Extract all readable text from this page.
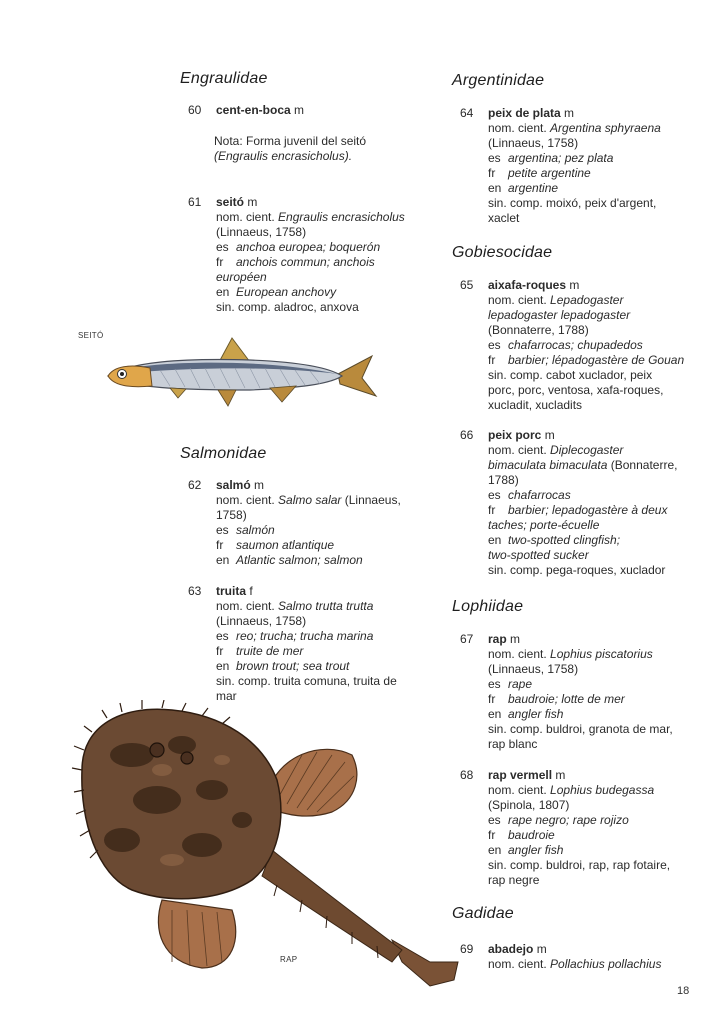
Engraulidae
60	cent-en-boca m
Nota: Forma juvenil del seitó
(Engraulis encrasicholus).
61	seitó m
nom. cient. Engraulis encrasicholus
(Linnaeus, 1758)
es anchoa europea; boquerón
fr anchois commun; anchois
européen
en European anchovy
sin. comp. aladroc, anxova
SEITÓ
Salmonidae
62	salmó m
nom. cient. Salmo salar (Linnaeus,
1758)
es salmón
fr saumon atlantique
en Atlantic salmon; salmon
63	truita f
nom. cient. Salmo trutta trutta
(Linnaeus, 1758)
es reo; trucha; trucha marina
fr truite de mer
en brown trout; sea trout
sin. comp. truita comuna, truita de
mar
RAP
Argentinidae
64	peix de plata m
nom. cient. Argentina sphyraena
(Linnaeus, 1758)
es argentina; pez plata
fr petite argentine
en argentine
sin. comp. moixó, peix d'argent,
xaclet
Gobiesocidae
65	aixafa-roques m
nom. cient. Lepadogaster
lepadogaster lepadogaster
(Bonnaterre, 1788)
es chafarrocas; chupadedos
fr barbier; lépadogastère de Gouan
sin. comp. cabot xuclador, peix
porc, porc, ventosa, xafa-roques,
xucladit, xucladits
66	peix porc m
nom. cient. Diplecogaster
bimaculata bimaculata (Bonnaterre,
1788)
es chafarrocas
fr barbier; lepadogastère à deux
taches; porte-écuelle
en two-spotted clingfish;
two-spotted sucker
sin. comp. pega-roques, xuclador
Lophiidae
67	rap m
nom. cient. Lophius piscatorius
(Linnaeus, 1758)
es rape
fr baudroie; lotte de mer
en angler fish
sin. comp. buldroi, granota de mar,
rap blanc
68	rap vermell m
nom. cient. Lophius budegassa
(Spinola, 1807)
es rape negro; rape rojizo
fr baudroie
en angler fish
sin. comp. buldroi, rap, rap fotaire,
rap negre
Gadidae
69	abadejo m
nom. cient. Pollachius pollachius
18
